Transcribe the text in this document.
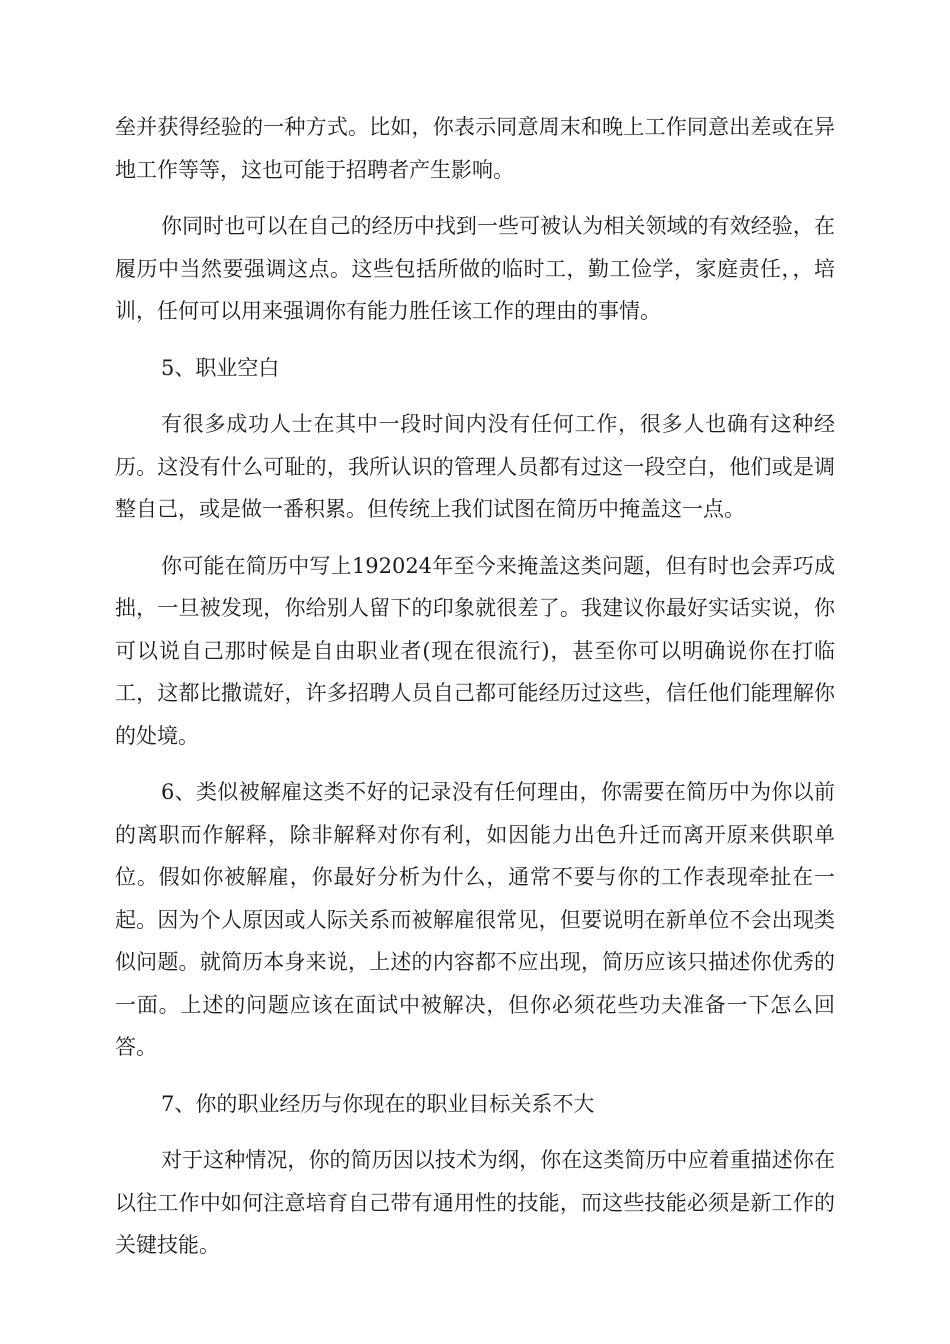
垒并获得经验的一种方式。比如，你表示同意周末和晚上工作同意出差或在异地工作等等，这也可能于招聘者产生影响。

你同时也可以在自己的经历中找到一些可被认为相关领域的有效经验，在履历中当然要强调这点。这些包括所做的临时工，勤工俭学，家庭责任，，培训，任何可以用来强调你有能力胜任该工作的理由的事情。

5、职业空白

有很多成功人士在其中一段时间内没有任何工作，很多人也确有这种经历。这没有什么可耻的，我所认识的管理人员都有过这一段空白，他们或是调整自己，或是做一番积累。但传统上我们试图在简历中掩盖这一点。

你可能在简历中写上192024年至今来掩盖这类问题，但有时也会弄巧成拙，一旦被发现，你给别人留下的印象就很差了。我建议你最好实话实说，你可以说自己那时候是自由职业者(现在很流行)，甚至你可以明确说你在打临工，这都比撒谎好，许多招聘人员自己都可能经历过这些，信任他们能理解你的处境。

6、类似被解雇这类不好的记录没有任何理由，你需要在简历中为你以前的离职而作解释，除非解释对你有利，如因能力出色升迁而离开原来供职单位。假如你被解雇，你最好分析为什么，通常不要与你的工作表现牵扯在一起。因为个人原因或人际关系而被解雇很常见，但要说明在新单位不会出现类似问题。就简历本身来说，上述的内容都不应出现，简历应该只描述你优秀的一面。上述的问题应该在面试中被解决，但你必须花些功夫准备一下怎么回答。

7、你的职业经历与你现在的职业目标关系不大

对于这种情况，你的简历因以技术为纲，你在这类简历中应着重描述你在以往工作中如何注意培育自己带有通用性的技能，而这些技能必须是新工作的关键技能。
